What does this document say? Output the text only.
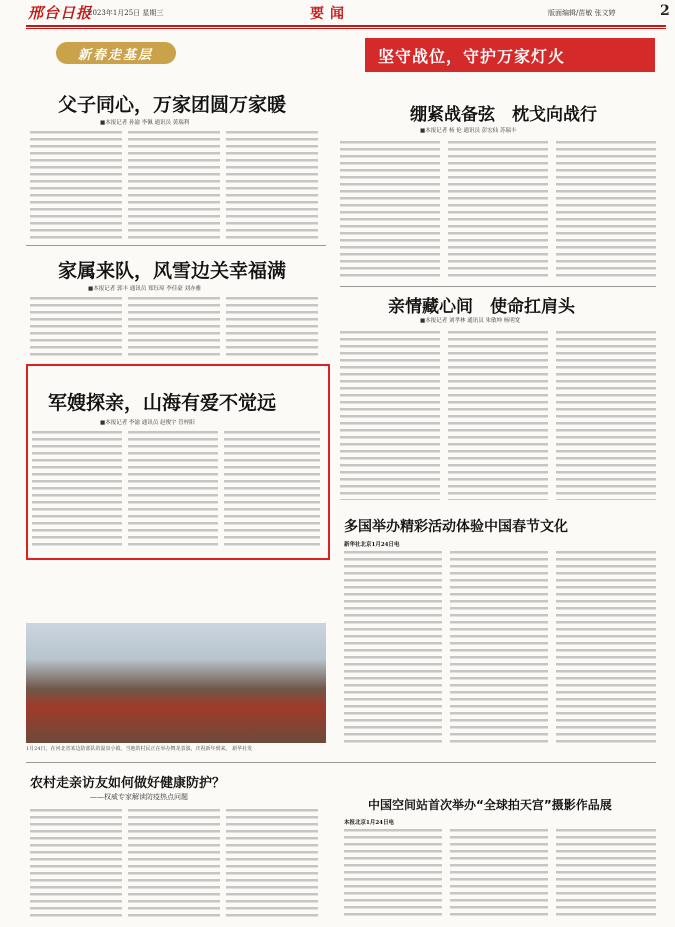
邢台日报
2023年1月25日 星期三	要闻	版面编辑/苗敏 张文婷	2
新春走基层
父子同心，万家团圆万家暖
■本报记者 孙渝 李佩 通讯员 黄瑞利
家属来队，风雪边关幸福满
■本报记者 郭丰 通讯员 郑钰璋 李佳豪 刘亦雅
军嫂探亲，山海有爱不觉远
■本报记者 李渝 通讯员 赵俊宇 管梓阳
坚守战位，守护万家灯火
绷紧战备弦　枕戈向战行
■本报记者 杨 伦 通讯员 彭宏仙 苏瑞丰
亲情藏心间　使命扛肩头
■本报记者 刘孝林 通讯员 朱敏坤 杨明宽
多国举办精彩活动体验中国春节文化
新华社北京1月24日电
1月24日，在河北省某边防部队的温泉小镇，当地的村民正在举办舞龙表演，庆祝新年到来。 新华社发
农村走亲访友如何做好健康防护？
——权威专家解读防疫热点问题
中国空间站首次举办“全球拍天宫”摄影作品展
本报北京1月24日电
